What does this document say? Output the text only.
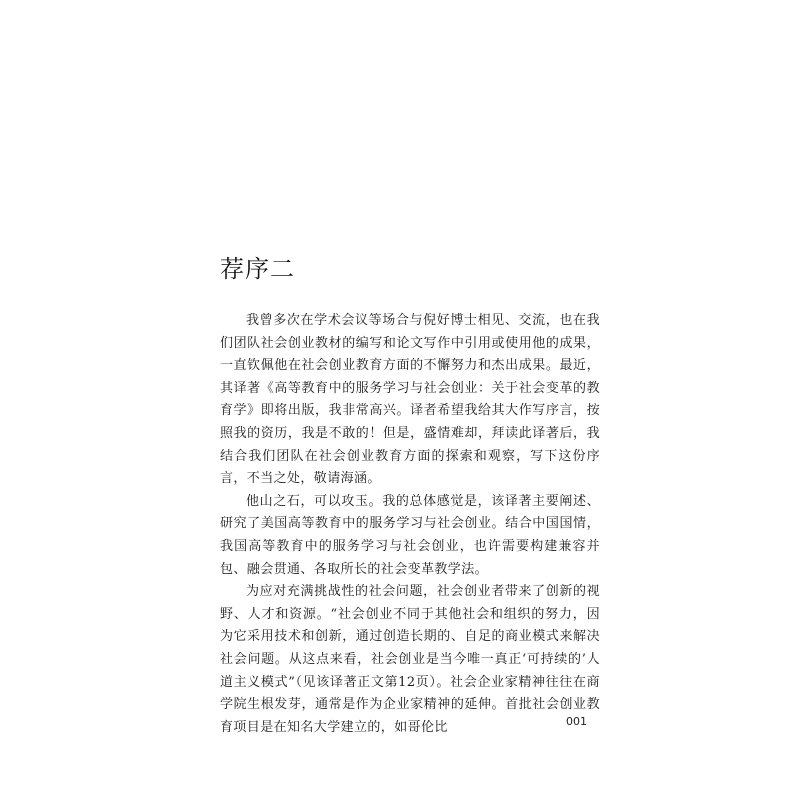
荐序二

我曾多次在学术会议等场合与倪好博士相见、交流，也在我们团队社会创业教材的编写和论文写作中引用或使用他的成果，一直钦佩他在社会创业教育方面的不懈努力和杰出成果。最近，其译著《高等教育中的服务学习与社会创业：关于社会变革的教育学》即将出版，我非常高兴。译者希望我给其大作写序言，按照我的资历，我是不敢的！但是，盛情难却，拜读此译著后，我结合我们团队在社会创业教育方面的探索和观察，写下这份序言，不当之处，敬请海涵。

他山之石，可以攻玉。我的总体感觉是，该译著主要阐述、研究了美国高等教育中的服务学习与社会创业。结合中国国情，我国高等教育中的服务学习与社会创业，也许需要构建兼容并包、融会贯通、各取所长的社会变革教学法。

为应对充满挑战性的社会问题，社会创业者带来了创新的视野、人才和资源。“社会创业不同于其他社会和组织的努力，因为它采用技术和创新，通过创造长期的、自足的商业模式来解决社会问题。从这点来看，社会创业是当今唯一真正‘可持续的’人道主义模式”（见该译著正文第12页）。社会企业家精神往往在商学院生根发芽，通常是作为企业家精神的延伸。首批社会创业教育项目是在知名大学建立的，如哥伦比	001
